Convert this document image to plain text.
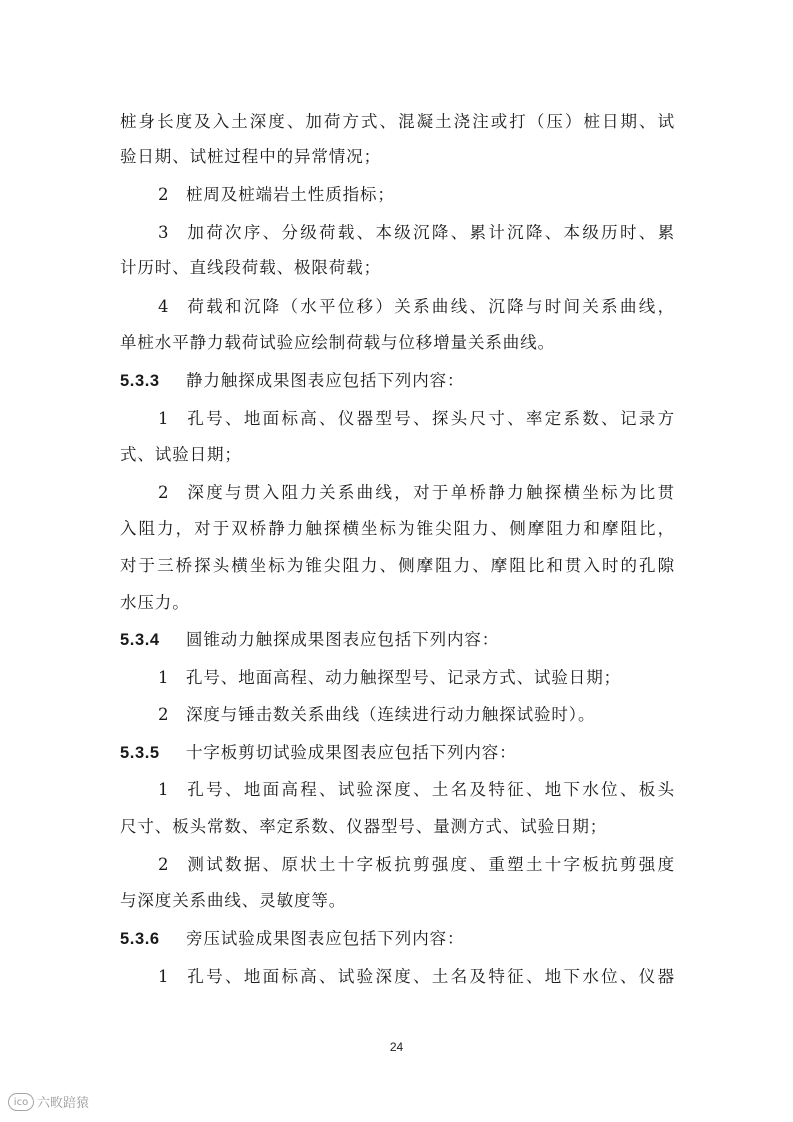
桩身长度及入土深度、加荷方式、混凝土浇注或打（压）桩日期、试
验日期、试桩过程中的异常情况；
2 桩周及桩端岩土性质指标；
3 加荷次序、分级荷载、本级沉降、累计沉降、本级历时、累
计历时、直线段荷载、极限荷载；
4 荷载和沉降（水平位移）关系曲线、沉降与时间关系曲线，
单桩水平静力载荷试验应绘制荷载与位移增量关系曲线。
5.3.3 静力触探成果图表应包括下列内容：
1 孔号、地面标高、仪器型号、探头尺寸、率定系数、记录方
式、试验日期；
2 深度与贯入阻力关系曲线，对于单桥静力触探横坐标为比贯
入阻力，对于双桥静力触探横坐标为锥尖阻力、侧摩阻力和摩阻比，
对于三桥探头横坐标为锥尖阻力、侧摩阻力、摩阻比和贯入时的孔隙
水压力。
5.3.4 圆锥动力触探成果图表应包括下列内容：
1 孔号、地面高程、动力触探型号、记录方式、试验日期；
2 深度与锤击数关系曲线（连续进行动力触探试验时）。
5.3.5 十字板剪切试验成果图表应包括下列内容：
1 孔号、地面高程、试验深度、土名及特征、地下水位、板头
尺寸、板头常数、率定系数、仪器型号、量测方式、试验日期；
2 测试数据、原状土十字板抗剪强度、重塑土十字板抗剪强度
与深度关系曲线、灵敏度等。
5.3.6 旁压试验成果图表应包括下列内容：
1 孔号、地面标高、试验深度、土名及特征、地下水位、仪器
24
ico 六畋踣猿
